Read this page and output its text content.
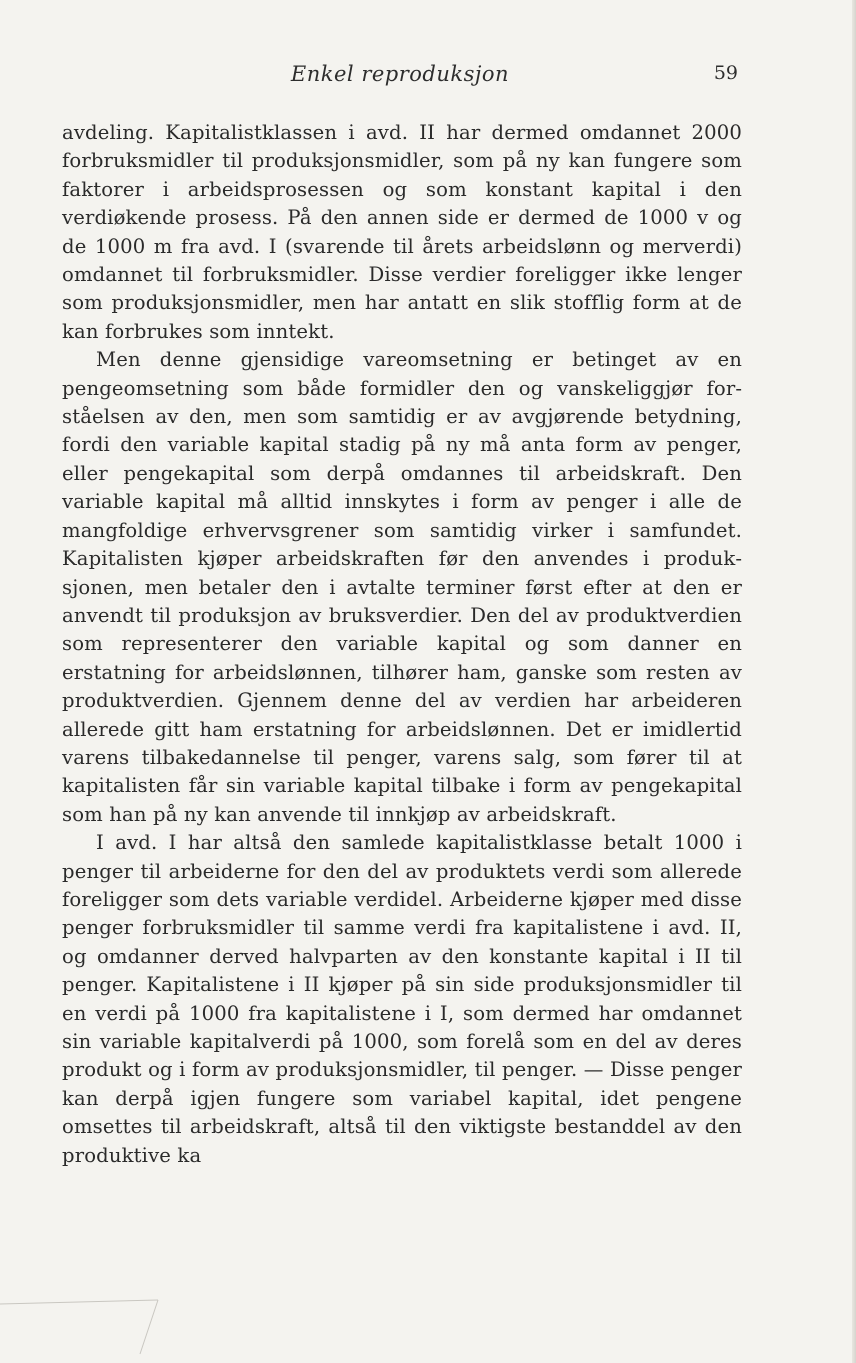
Enkel reproduksjon	59

avdeling. Kapitalistklassen i avd. II har dermed omdannet 2000 forbruksmidler til produksjonsmidler, som på ny kan fungere som faktorer i arbeidsprosessen og som konstant kapital i den verdiøkende prosess. På den annen side er dermed de 1000 v og de 1000 m fra avd. I (svarende til årets arbeidslønn og merverdi) omdannet til forbruksmidler. Disse verdier foreligger ikke lenger som produksjonsmidler, men har antatt en slik stofflig form at de kan forbrukes som inntekt.

Men denne gjensidige vareomsetning er betinget av en pengeomsetning som både formidler den og vanskeliggjør forståelsen av den, men som samtidig er av avgjørende betydning, fordi den variable kapital stadig på ny må anta form av penger, eller pengekapital som derpå omdannes til arbeidskraft. Den variable kapital må alltid innskytes i form av penger i alle de mangfoldige erhvervsgrener som samtidig virker i samfundet. Kapitalisten kjøper arbeidskraften før den anvendes i produksjonen, men betaler den i avtalte terminer først efter at den er anvendt til produksjon av bruksverdier. Den del av produktverdien som representerer den variable kapital og som danner en erstatning for arbeidslønnen, tilhører ham, ganske som resten av produktverdien. Gjennem denne del av verdien har arbeideren allerede gitt ham erstatning for arbeidslønnen. Det er imidlertid varens tilbakedannelse til penger, varens salg, som fører til at kapitalisten får sin variable kapital tilbake i form av pengekapital som han på ny kan anvende til innkjøp av arbeidskraft.

I avd. I har altså den samlede kapitalistklasse betalt 1000 i penger til arbeiderne for den del av produktets verdi som allerede foreligger som dets variable verdidel. Arbeiderne kjøper med disse penger forbruksmidler til samme verdi fra kapitalistene i avd. II, og omdanner derved halvparten av den konstante kapital i II til penger. Kapitalistene i II kjøper på sin side produksjonsmidler til en verdi på 1000 fra kapitalistene i I, som dermed har omdannet sin variable kapitalverdi på 1000, som forelå som en del av deres produkt og i form av produksjonsmidler, til penger. — Disse penger kan derpå igjen fungere som variabel kapital, idet pengene omsettes til arbeidskraft, altså til den viktigste bestanddel av den produktive ka
